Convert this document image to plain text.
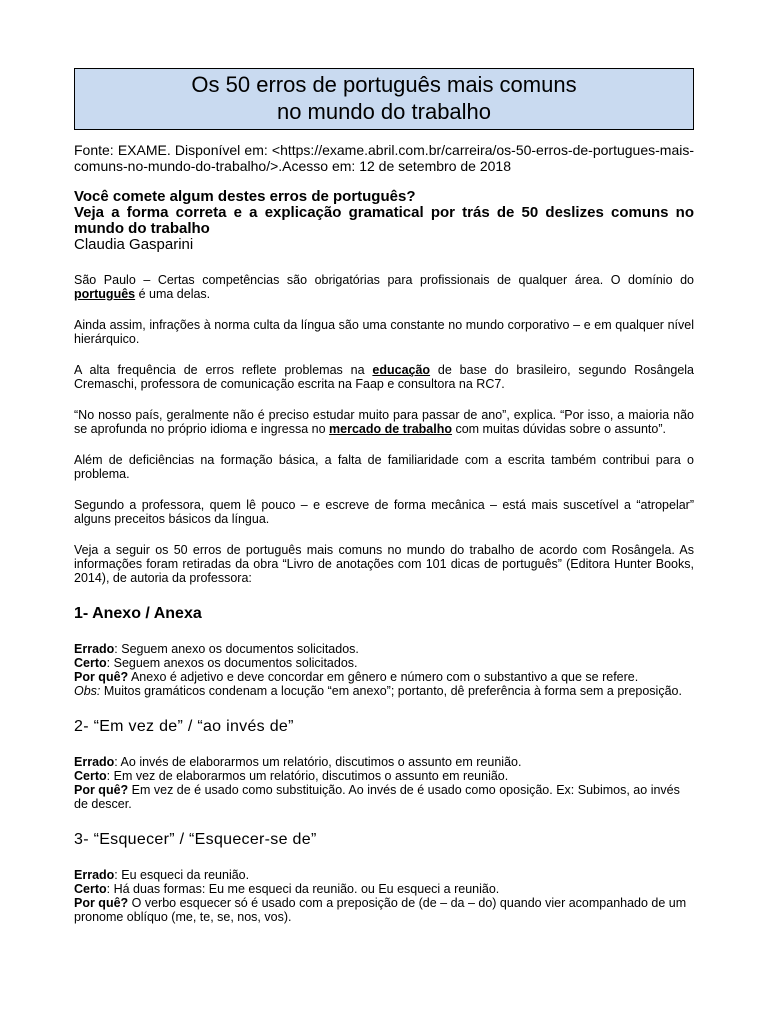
Os 50 erros de português mais comuns
no mundo do trabalho
Fonte: EXAME. Disponível em: <https://exame.abril.com.br/carreira/os-50-erros-de-portugues-mais-comuns-no-mundo-do-trabalho/>.Acesso em: 12 de setembro de 2018
Você comete algum destes erros de português?
Veja a forma correta e a explicação gramatical por trás de 50 deslizes comuns no mundo do trabalho
Claudia Gasparini
São Paulo – Certas competências são obrigatórias para profissionais de qualquer área. O domínio do português é uma delas.
Ainda assim, infrações à norma culta da língua são uma constante no mundo corporativo – e em qualquer nível hierárquico.
A alta frequência de erros reflete problemas na educação de base do brasileiro, segundo Rosângela Cremaschi, professora de comunicação escrita na Faap e consultora na RC7.
“No nosso país, geralmente não é preciso estudar muito para passar de ano”, explica. “Por isso, a maioria não se aprofunda no próprio idioma e ingressa no mercado de trabalho com muitas dúvidas sobre o assunto”.
Além de deficiências na formação básica, a falta de familiaridade com a escrita também contribui para o problema.
Segundo a professora, quem lê pouco – e escreve de forma mecânica – está mais suscetível a “atropelar” alguns preceitos básicos da língua.
Veja a seguir os 50 erros de português mais comuns no mundo do trabalho de acordo com Rosângela. As informações foram retiradas da obra “Livro de anotações com 101 dicas de português” (Editora Hunter Books, 2014), de autoria da professora:
1- Anexo / Anexa
Errado: Seguem anexo os documentos solicitados.
Certo: Seguem anexos os documentos solicitados.
Por quê? Anexo é adjetivo e deve concordar em gênero e número com o substantivo a que se refere.
Obs: Muitos gramáticos condenam a locução “em anexo”; portanto, dê preferência à forma sem a preposição.
2- “Em vez de” / “ao invés de”
Errado: Ao invés de elaborarmos um relatório, discutimos o assunto em reunião.
Certo: Em vez de elaborarmos um relatório, discutimos o assunto em reunião.
Por quê? Em vez de é usado como substituição. Ao invés de é usado como oposição. Ex: Subimos, ao invés de descer.
3- “Esquecer” / “Esquecer-se de”
Errado: Eu esqueci da reunião.
Certo: Há duas formas: Eu me esqueci da reunião. ou Eu esqueci a reunião.
Por quê? O verbo esquecer só é usado com a preposição de (de – da – do) quando vier acompanhado de um pronome oblíquo (me, te, se, nos, vos).
